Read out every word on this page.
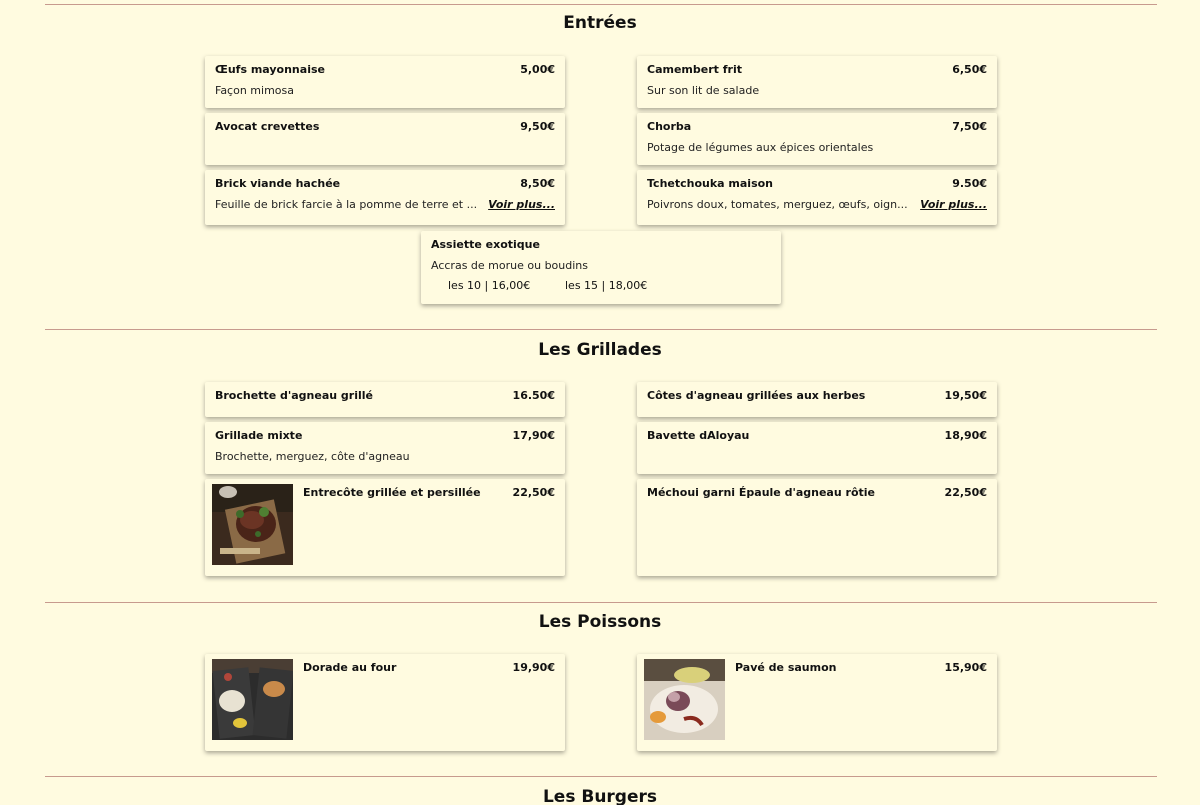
Entrées
Œufs mayonnaise	5,00€
Façon mimosa
Camembert frit	6,50€
Sur son lit de salade
Avocat crevettes	9,50€	Chorba	7,50€
Potage de légumes aux épices orientales
Brick viande hachée	8,50€
Feuille de brick farcie à la pomme de terre et ... Voir plus...
Tchetchouka maison	9.50€
Poivrons doux, tomates, merguez, œufs, oign... Voir plus...
Assiette exotique
Accras de morue ou boudins
les 10 | 16,00€	les 15 | 18,00€
Les Grillades
Brochette d'agneau grillé	16.50€	Côtes d'agneau grillées aux herbes	19,50€
Grillade mixte	17,90€
Brochette, merguez, côte d'agneau
Bavette dAloyau	18,90€
Entrecôte grillée et persillée	22,50€	Méchoui garni Épaule d'agneau rôtie	22,50€
Les Poissons
Dorade au four	19,90€	Pavé de saumon	15,90€
Les Burgers
